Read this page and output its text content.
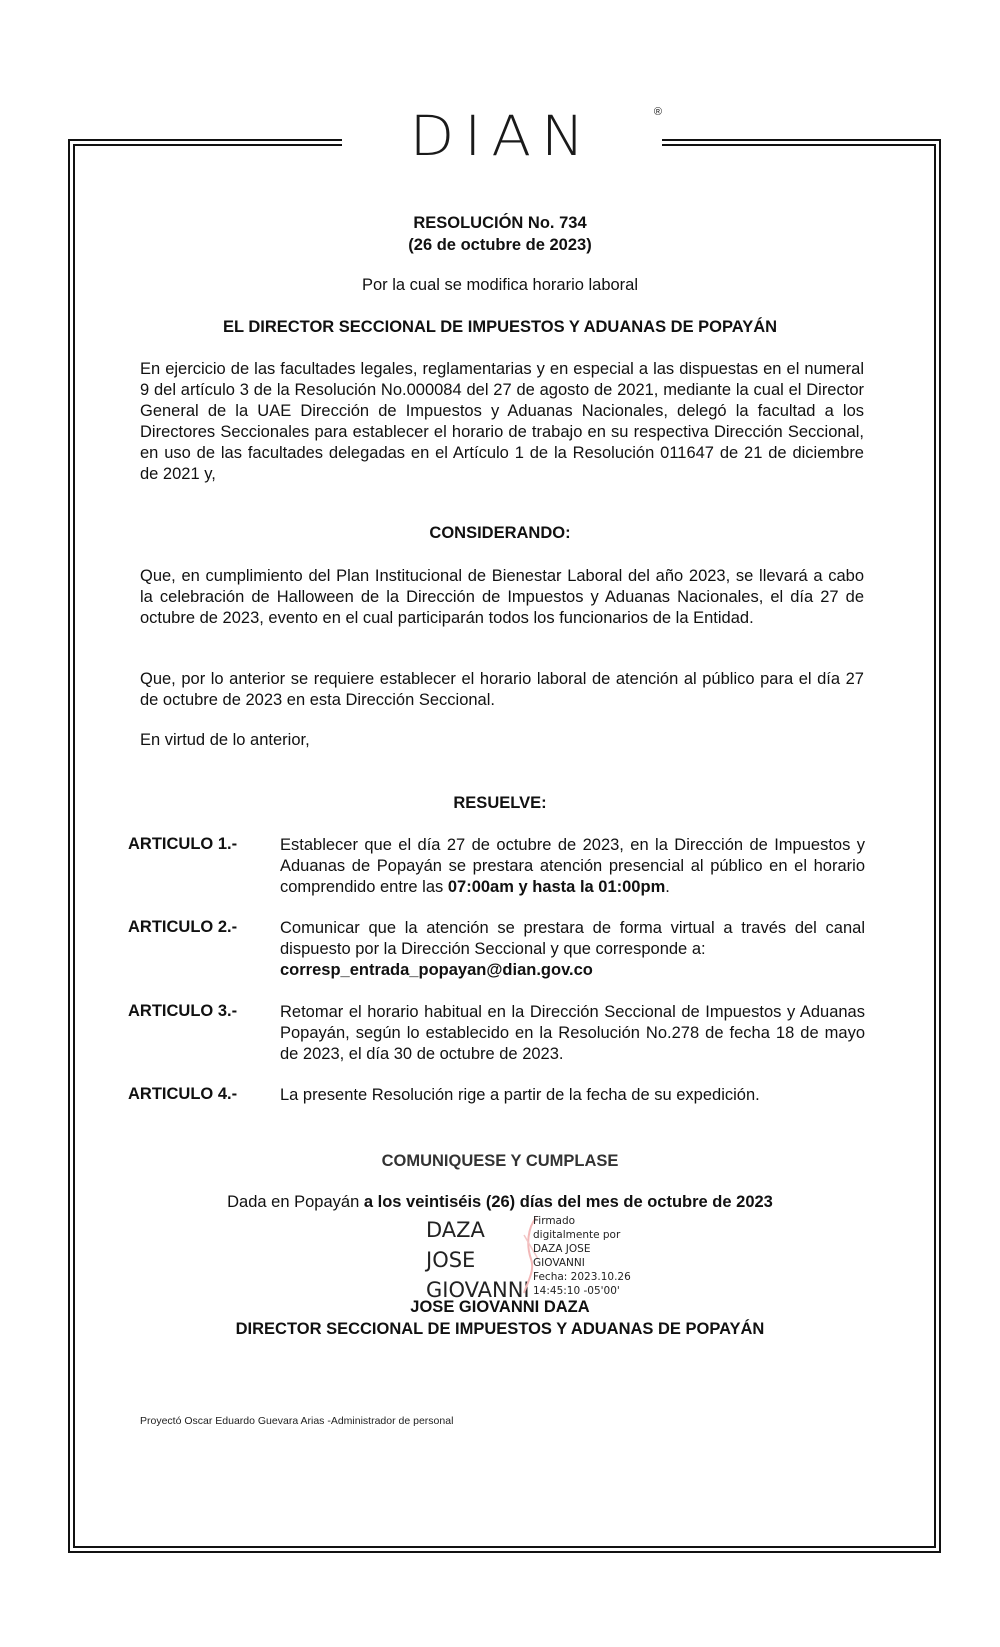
DIAN	®
RESOLUCIÓN No. 734
(26 de octubre de 2023)
Por la cual se modifica horario laboral
EL DIRECTOR SECCIONAL DE IMPUESTOS Y ADUANAS DE POPAYÁN
En ejercicio de las facultades legales, reglamentarias y en especial a las dispuestas en el numeral 9 del artículo 3 de la Resolución No.000084 del 27 de agosto de 2021, mediante la cual el Director General de la UAE Dirección de Impuestos y Aduanas Nacionales, delegó la facultad a los Directores Seccionales para establecer el horario de trabajo en su respectiva Dirección Seccional, en uso de las facultades delegadas en el Artículo 1 de la Resolución 011647 de 21 de diciembre de 2021 y,
CONSIDERANDO:
Que, en cumplimiento del Plan Institucional de Bienestar Laboral del año 2023, se llevará a cabo la celebración de Halloween de la Dirección de Impuestos y Aduanas Nacionales, el día 27 de octubre de 2023, evento en el cual participarán todos los funcionarios de la Entidad.
Que, por lo anterior se requiere establecer el horario laboral de atención al público para el día 27 de octubre de 2023 en esta Dirección Seccional.
En virtud de lo anterior,
RESUELVE:
ARTICULO 1.-	Establecer que el día 27 de octubre de 2023, en la Dirección de Impuestos y Aduanas de Popayán se prestara atención presencial al público en el horario comprendido entre las 07:00am y hasta la 01:00pm.
ARTICULO 2.-	Comunicar que la atención se prestara de forma virtual a través del canal dispuesto por la Dirección Seccional y que corresponde a:
corresp_entrada_popayan@dian.gov.co
ARTICULO 3.-	Retomar el horario habitual en la Dirección Seccional de Impuestos y Aduanas Popayán, según lo establecido en la Resolución No.278 de fecha 18 de mayo de 2023, el día 30 de octubre de 2023.
ARTICULO 4.-	La presente Resolución rige a partir de la fecha de su expedición.
COMUNIQUESE Y CUMPLASE
Dada en Popayán a los veintiséis (26) días del mes de octubre de 2023
DAZA
JOSE
GIOVANNI
Firmado
digitalmente por
DAZA JOSE
GIOVANNI
Fecha: 2023.10.26
14:45:10 -05'00'
JOSE GIOVANNI DAZA
DIRECTOR SECCIONAL DE IMPUESTOS Y ADUANAS DE POPAYÁN
Proyectó Oscar Eduardo Guevara Arias -Administrador de personal
